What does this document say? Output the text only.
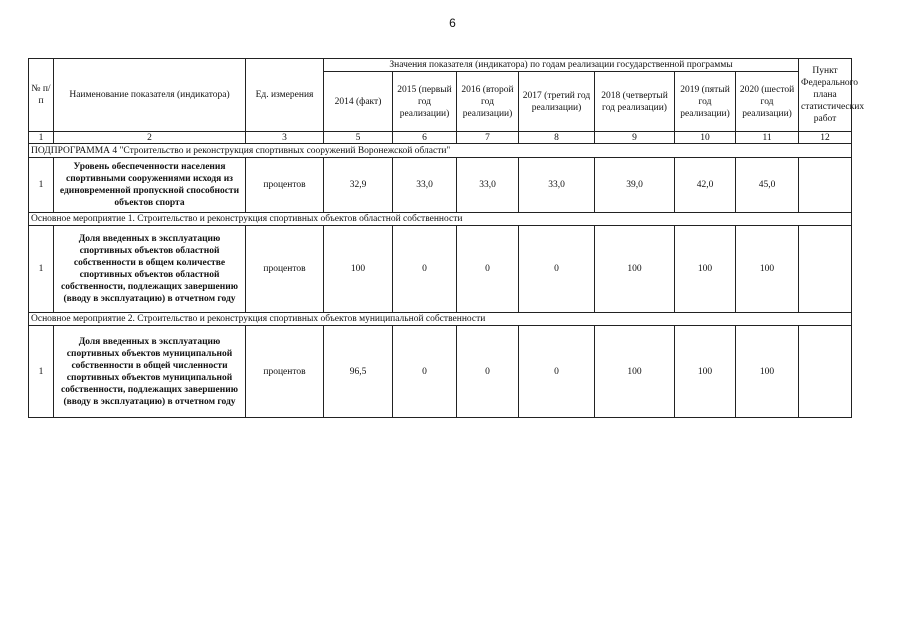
6
№ п/п	Наименование показателя (индикатора)	Ед. измерения	Значения показателя (индикатора) по годам реализации государственной программы							Пункт Федерального плана статистических работ
			2014 (факт)	2015 (первый год реализации)	2016 (второй год реализации)	2017 (третий год реализации)	2018 (четвертый год реализации)	2019 (пятый год реализации)	2020 (шестой год реализации)	
1	2	3	5	6	7	8	9	10	11	12
ПОДПРОГРАММА 4 "Строительство и реконструкция спортивных сооружений Воронежской области"										
1	Уровень обеспеченности населения спортивными сооружениями исходя из единовременной пропускной способности объектов спорта	процентов	32,9	33,0	33,0	33,0	39,0	42,0	45,0	
Основное мероприятие 1. Строительство и реконструкция спортивных объектов областной собственности										
1	Доля введенных в эксплуатацию спортивных объектов областной собственности в общем количестве спортивных объектов областной собственности, подлежащих завершению (вводу в эксплуатацию) в отчетном году	процентов	100	0	0	0	100	100	100	
Основное мероприятие 2. Строительство и реконструкция спортивных объектов муниципальной собственности										
1	Доля введенных в эксплуатацию спортивных объектов муниципальной собственности в общей численности спортивных объектов муниципальной собственности, подлежащих завершению (вводу в эксплуатацию) в отчетном году	процентов	96,5	0	0	0	100	100	100	
